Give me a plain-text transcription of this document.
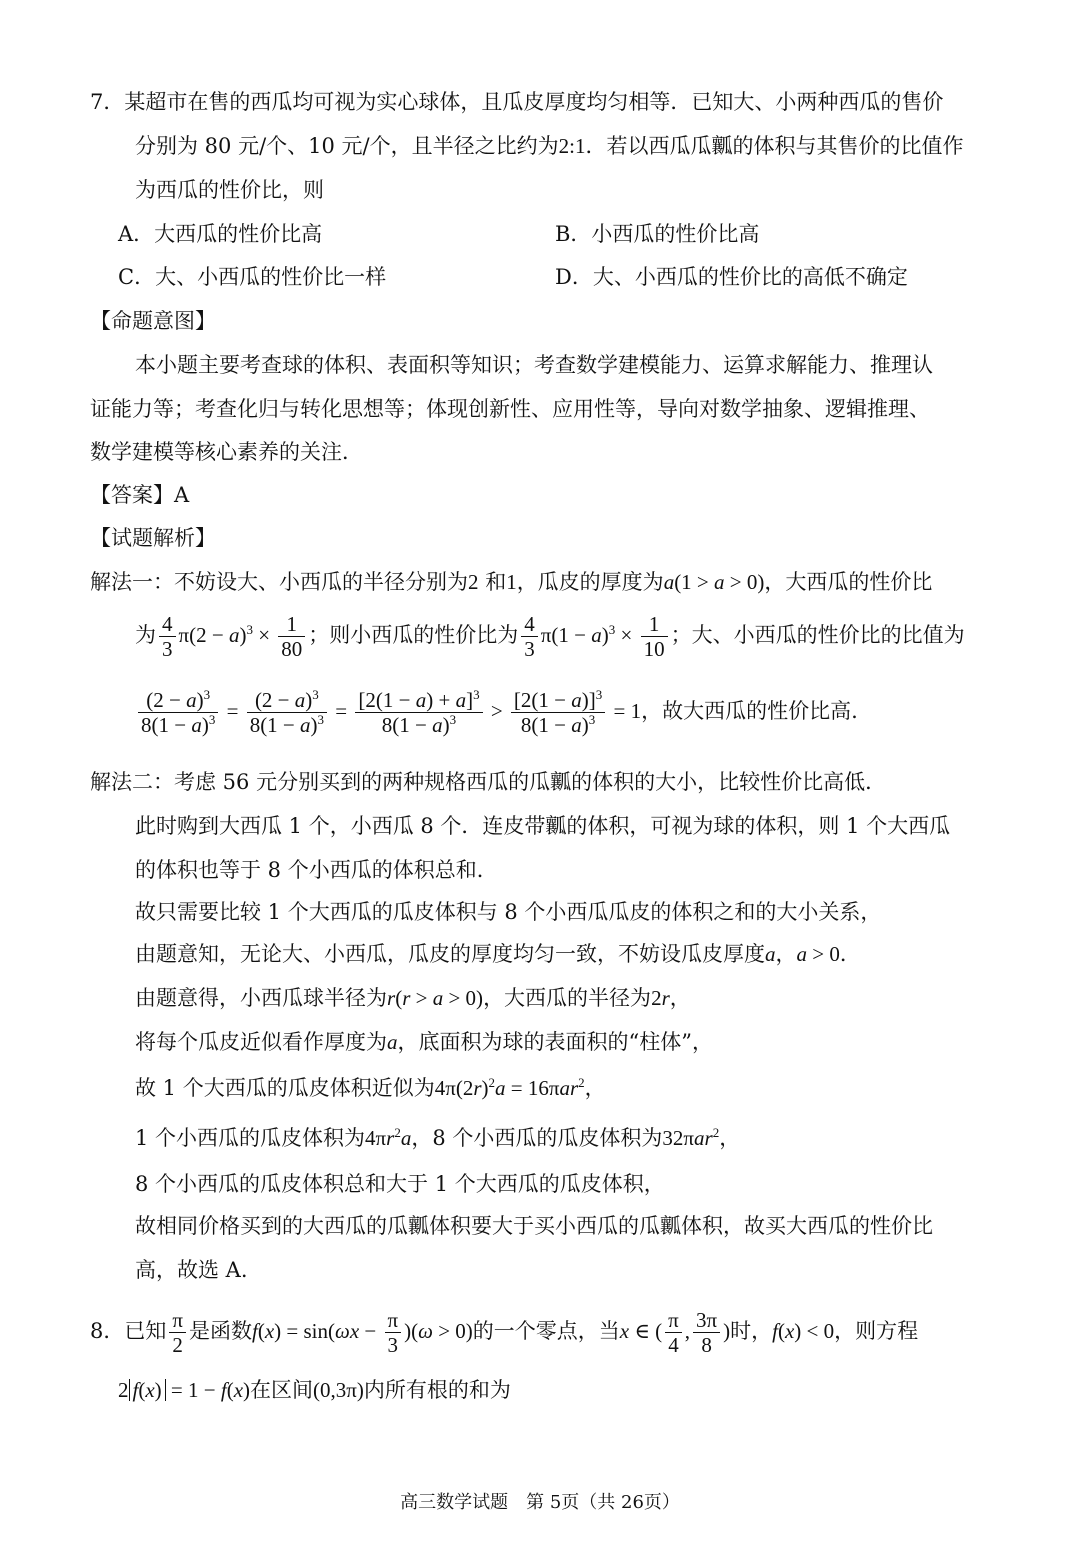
7．某超市在售的西瓜均可视为实心球体，且瓜皮厚度均匀相等．已知大、小两种西瓜的售价
分别为 80 元/个、10 元/个，且半径之比约为2:1．若以西瓜瓜瓤的体积与其售价的比值作
为西瓜的性价比，则
A．大西瓜的性价比高	B．小西瓜的性价比高
C．大、小西瓜的性价比一样	D．大、小西瓜的性价比的高低不确定
【命题意图】
本小题主要考查球的体积、表面积等知识；考查数学建模能力、运算求解能力、推理认
证能力等；考查化归与转化思想等；体现创新性、应用性等，导向对数学抽象、逻辑推理、
数学建模等核心素养的关注．
【答案】A
【试题解析】
解法一：不妨设大、小西瓜的半径分别为2 和1，瓜皮的厚度为a(1 > a > 0)，大西瓜的性价比
为 $\frac{4}{3} \pi(2 - a)^3 \times \frac{1}{80}$ ；则小西瓜的性价比为 $\frac{4}{3} \pi(1 - a)^3 \times \frac{1}{10}$ ；大、小西瓜的性价比的比值为
$\frac{(2 - a)^3}{8(1 - a)^3} = \frac{(2 - a)^3}{8(1 - a)^3} = \frac{[2(1 - a) + a]^3}{8(1 - a)^3} > \frac{[2(1 - a)]^3}{8(1 - a)^3} = 1$，故大西瓜的性价比高.
解法二：考虑 56 元分别买到的两种规格西瓜的瓜瓤的体积的大小，比较性价比高低．
此时购到大西瓜 1 个，小西瓜 8 个．连皮带瓤的体积，可视为球的体积，则 1 个大西瓜
的体积也等于 8 个小西瓜的体积总和．
故只需要比较 1 个大西瓜的瓜皮体积与 8 个小西瓜瓜皮的体积之和的大小关系，
由题意知，无论大、小西瓜，瓜皮的厚度均匀一致，不妨设瓜皮厚度a，a > 0．
由题意得，小西瓜球半径为r(r > a > 0)，大西瓜的半径为2r，
将每个瓜皮近似看作厚度为a，底面积为球的表面积的“柱体”，
故 1 个大西瓜的瓜皮体积近似为$4\pi(2r)^2a = 16\pi ar^2$，
1 个小西瓜的瓜皮体积为$4\pi r^2a$，8 个小西瓜的瓜皮体积为32πar$^2$，
8 个小西瓜的瓜皮体积总和大于 1 个大西瓜的瓜皮体积，
故相同价格买到的大西瓜的瓜瓤体积要大于买小西瓜的瓜瓤体积，故买大西瓜的性价比
高，故选 A.
8．已知 $\frac{\pi}{2}$ 是函数$f(x) = \sin(\omega x - \frac{\pi}{3} )(\omega > 0)$的一个零点，当x ∈ ( $\frac{\pi}{4}$ , $\frac{3\pi}{8}$ )时，f(x) < 0，则方程
2 f(x) = 1 − f(x)在区间(0,3π)内所有根的和为
高三数学试题　第 5页（共 26页）
